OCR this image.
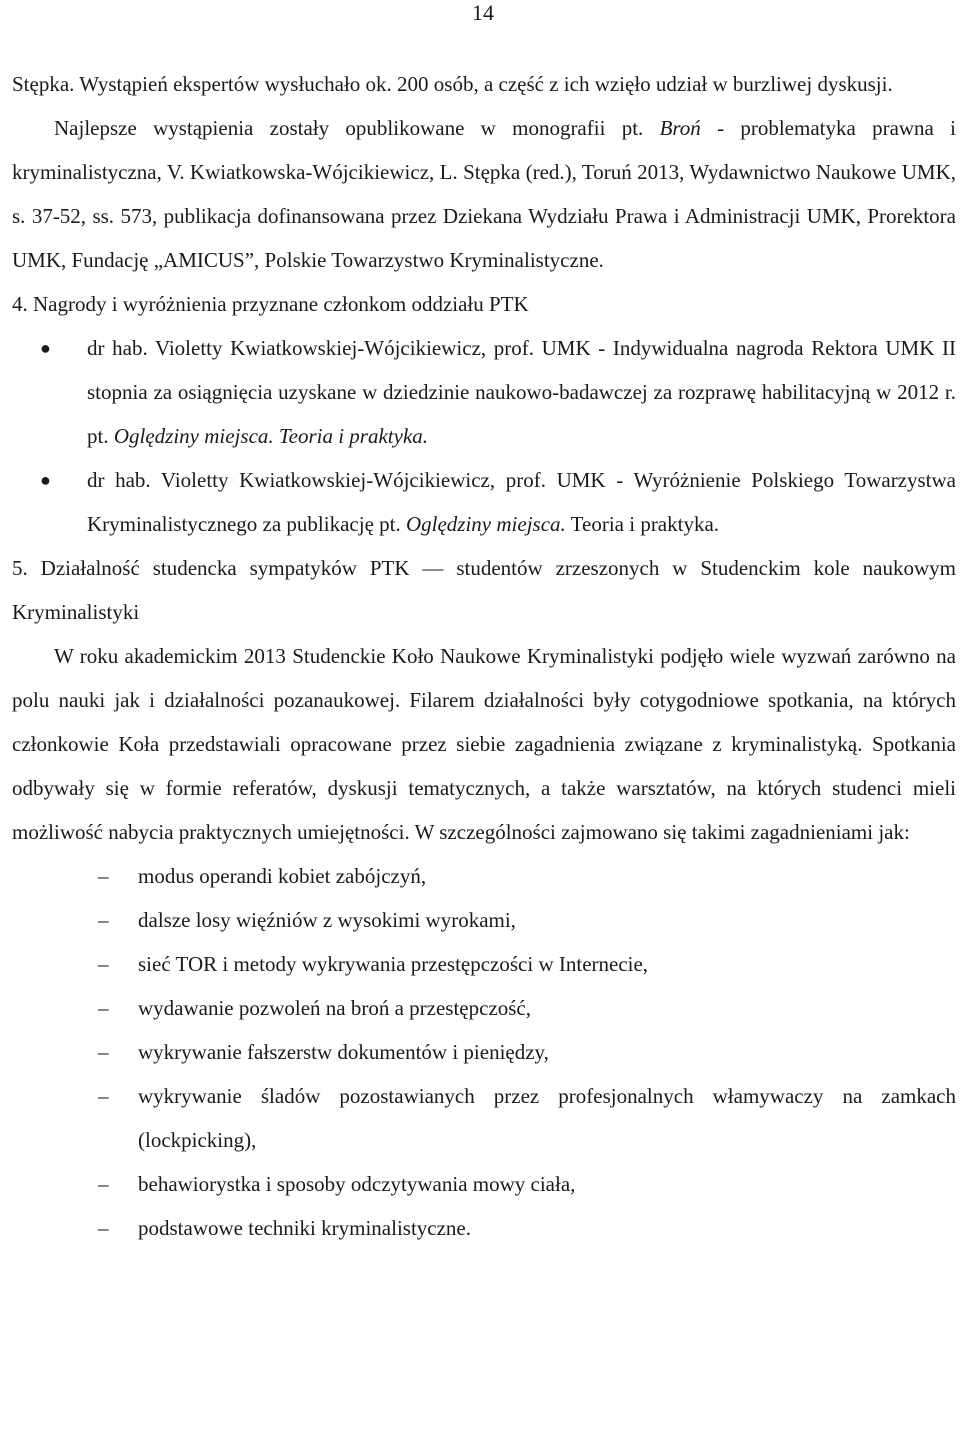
14

Stępka. Wystąpień ekspertów wysłuchało ok. 200 osób, a część z ich wzięło udział w burzliwej dyskusji.

Najlepsze wystąpienia zostały opublikowane w monografii pt. Broń - problematyka prawna i kryminalistyczna, V. Kwiatkowska-Wójcikiewicz, L. Stępka (red.), Toruń 2013, Wydawnictwo Naukowe UMK, s. 37-52, ss. 573, publikacja dofinansowana przez Dziekana Wydziału Prawa i Administracji UMK, Prorektora UMK, Fundację „AMICUS”, Polskie Towarzystwo Kryminalistyczne.

4. Nagrody i wyróżnienia przyznane członkom oddziału PTK

● dr hab. Violetty Kwiatkowskiej-Wójcikiewicz, prof. UMK - Indywidualna nagroda Rektora UMK II stopnia za osiągnięcia uzyskane w dziedzinie naukowo-badawczej za rozprawę habilitacyjną w 2012 r. pt. Oględziny miejsca. Teoria i praktyka.
● dr hab. Violetty Kwiatkowskiej-Wójcikiewicz, prof. UMK - Wyróżnienie Polskiego Towarzystwa Kryminalistycznego za publikację pt. Oględziny miejsca. Teoria i praktyka.

5. Działalność studencka sympatyków PTK — studentów zrzeszonych w Studenckim kole naukowym Kryminalistyki

W roku akademickim 2013 Studenckie Koło Naukowe Kryminalistyki podjęło wiele wyzwań zarówno na polu nauki jak i działalności pozanaukowej. Filarem działalności były cotygodniowe spotkania, na których członkowie Koła przedstawiali opracowane przez siebie zagadnienia związane z kryminalistyką. Spotkania odbywały się w formie referatów, dyskusji tematycznych, a także warsztatów, na których studenci mieli możliwość nabycia praktycznych umiejętności. W szczególności zajmowano się takimi zagadnieniami jak:

– modus operandi kobiet zabójczyń,
– dalsze losy więźniów z wysokimi wyrokami,
– sieć TOR i metody wykrywania przestępczości w Internecie,
– wydawanie pozwoleń na broń a przestępczość,
– wykrywanie fałszerstw dokumentów i pieniędzy,
– wykrywanie śladów pozostawianych przez profesjonalnych włamywaczy na zamkach (lockpicking),
– behawiorystka i sposoby odczytywania mowy ciała,
– podstawowe techniki kryminalistyczne.
